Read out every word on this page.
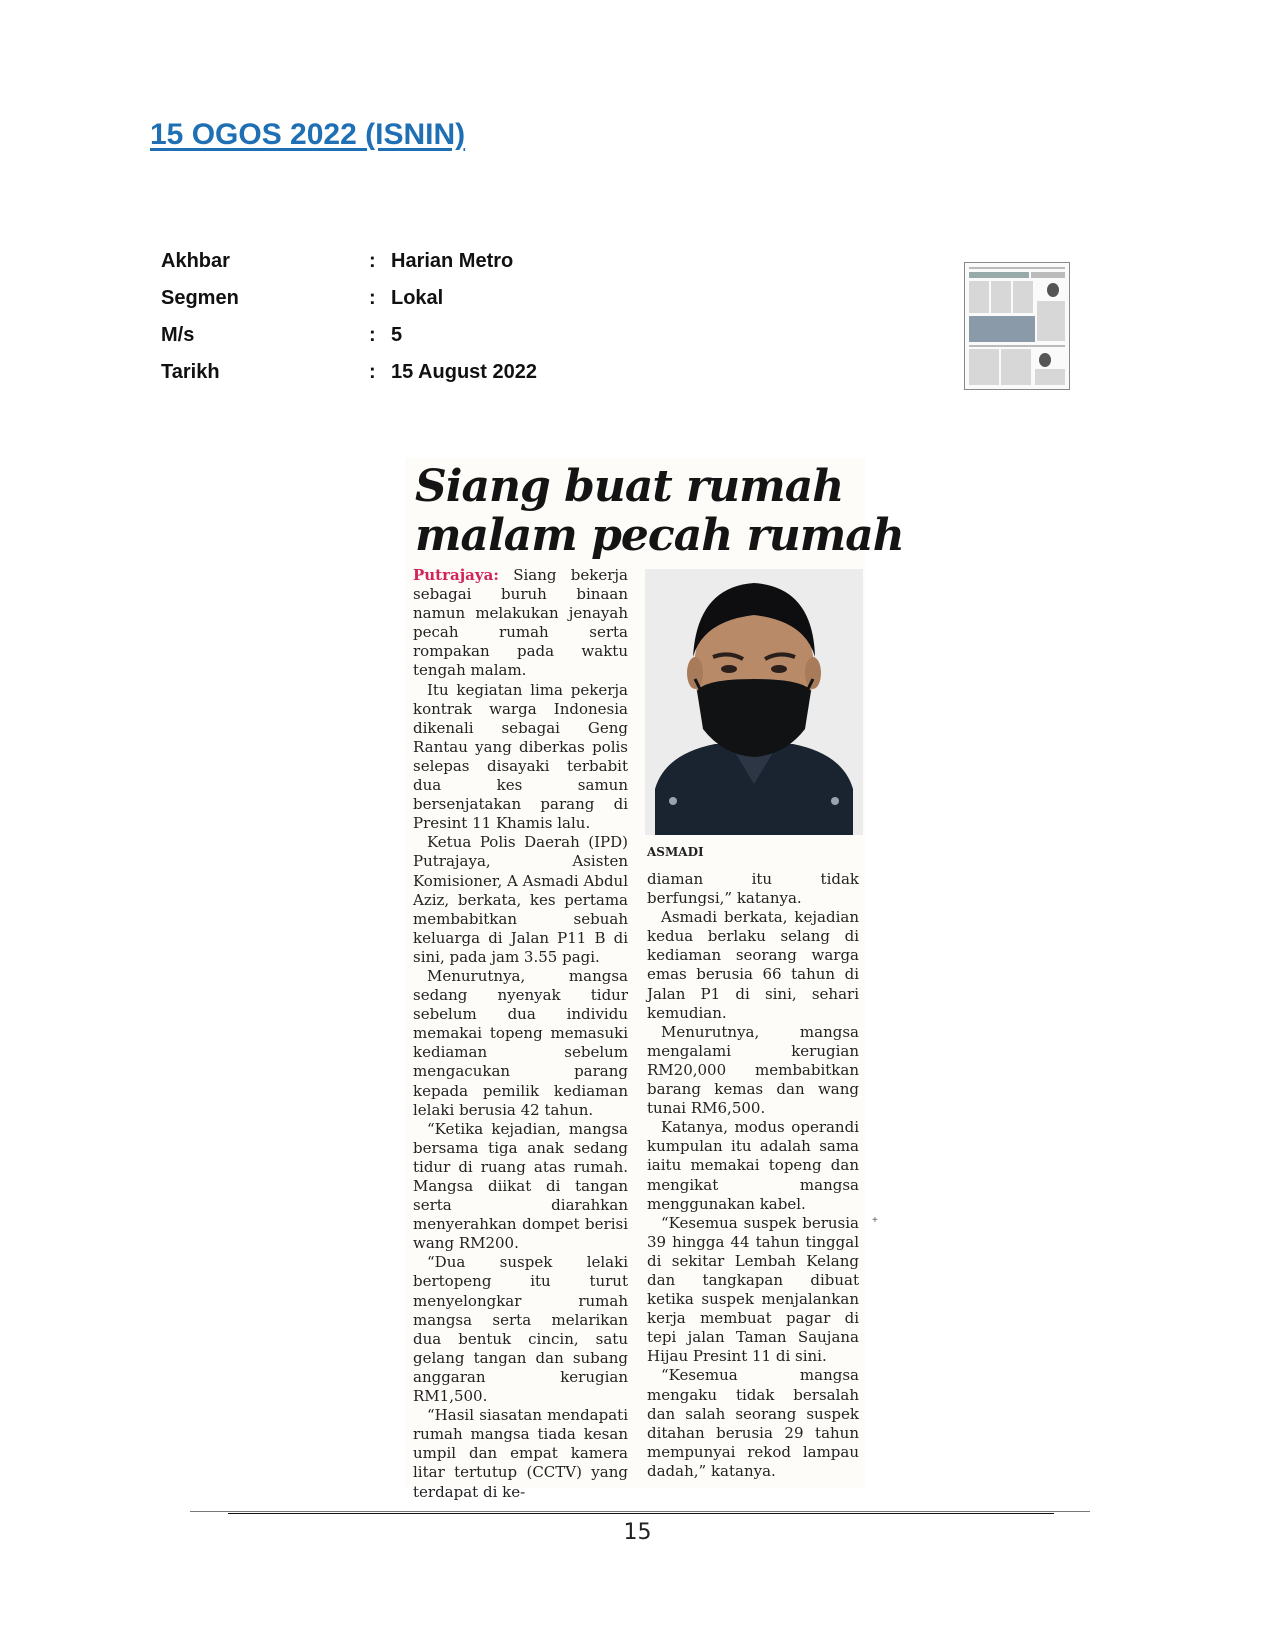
15 OGOS 2022 (ISNIN)
Akhbar	: Harian Metro
Segmen	: Lokal
M/s	: 5
Tarikh	: 15 August 2022
Siang buat rumah
malam pecah rumah

Putrajaya: Siang bekerja sebagai buruh binaan namun melakukan jenayah pecah rumah serta rompakan pada waktu tengah malam.

Itu kegiatan lima pekerja kontrak warga Indonesia dikenali sebagai Geng Rantau yang diberkas polis selepas disayaki terbabit dua kes samun bersenjatakan parang di Presint 11 Khamis lalu.

Ketua Polis Daerah (IPD) Putrajaya, Asisten Komisioner, A Asmadi Abdul Aziz, berkata, kes pertama membabitkan sebuah keluarga di Jalan P11 B di sini, pada jam 3.55 pagi.

Menurutnya, mangsa sedang nyenyak tidur sebelum dua individu memakai topeng memasuki kediaman sebelum mengacukan parang kepada pemilik kediaman lelaki berusia 42 tahun.

“Ketika kejadian, mangsa bersama tiga anak sedang tidur di ruang atas rumah. Mangsa diikat di tangan serta diarahkan menyerahkan dompet berisi wang RM200.

“Dua suspek lelaki bertopeng itu turut menyelongkar rumah mangsa serta melarikan dua bentuk cincin, satu gelang tangan dan subang anggaran kerugian RM1,500.

“Hasil siasatan mendapati rumah mangsa tiada kesan umpil dan empat kamera litar tertutup (CCTV) yang terdapat di ke-

ASMADI

diaman itu tidak berfungsi,” katanya.

Asmadi berkata, kejadian kedua berlaku selang di kediaman seorang warga emas berusia 66 tahun di Jalan P1 di sini, sehari kemudian.

Menurutnya, mangsa mengalami kerugian RM20,000 membabitkan barang kemas dan wang tunai RM6,500.

Katanya, modus operandi kumpulan itu adalah sama iaitu memakai topeng dan mengikat mangsa menggunakan kabel.

“Kesemua suspek berusia 39 hingga 44 tahun tinggal di sekitar Lembah Kelang dan tangkapan dibuat ketika suspek menjalankan kerja membuat pagar di tepi jalan Taman Saujana Hijau Presint 11 di sini.

“Kesemua mangsa mengaku tidak bersalah dan salah seorang suspek ditahan berusia 29 tahun mempunyai rekod lampau dadah,” katanya.

+

15
